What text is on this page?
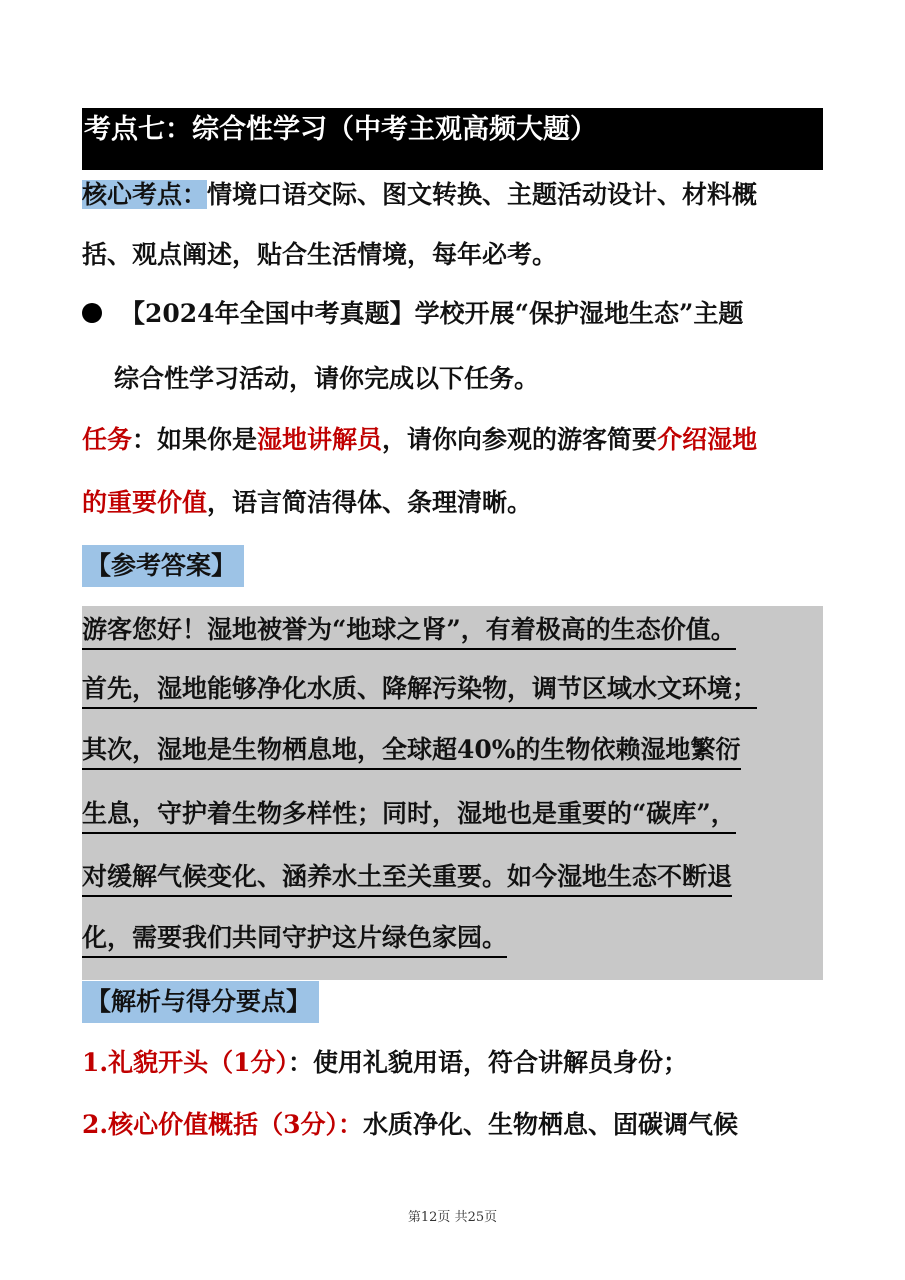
考点七：综合性学习（中考主观高频大题）
核心考点：情境口语交际、图文转换、主题活动设计、材料概
括、观点阐述，贴合生活情境，每年必考。
【2024年全国中考真题】学校开展“保护湿地生态”主题
综合性学习活动，请你完成以下任务。
任务：如果你是湿地讲解员，请你向参观的游客简要介绍湿地
的重要价值，语言简洁得体、条理清晰。
【参考答案】
游客您好！湿地被誉为“地球之肾”，有着极高的生态价值。
首先，湿地能够净化水质、降解污染物，调节区域水文环境；
其次，湿地是生物栖息地，全球超40%的生物依赖湿地繁衍
生息，守护着生物多样性；同时，湿地也是重要的“碳库”，
对缓解气候变化、涵养水土至关重要。如今湿地生态不断退
化，需要我们共同守护这片绿色家园。
【解析与得分要点】
1.礼貌开头（1分）：使用礼貌用语，符合讲解员身份；
2.核心价值概括（3分）：水质净化、生物栖息、固碳调气候
第12页 共25页
